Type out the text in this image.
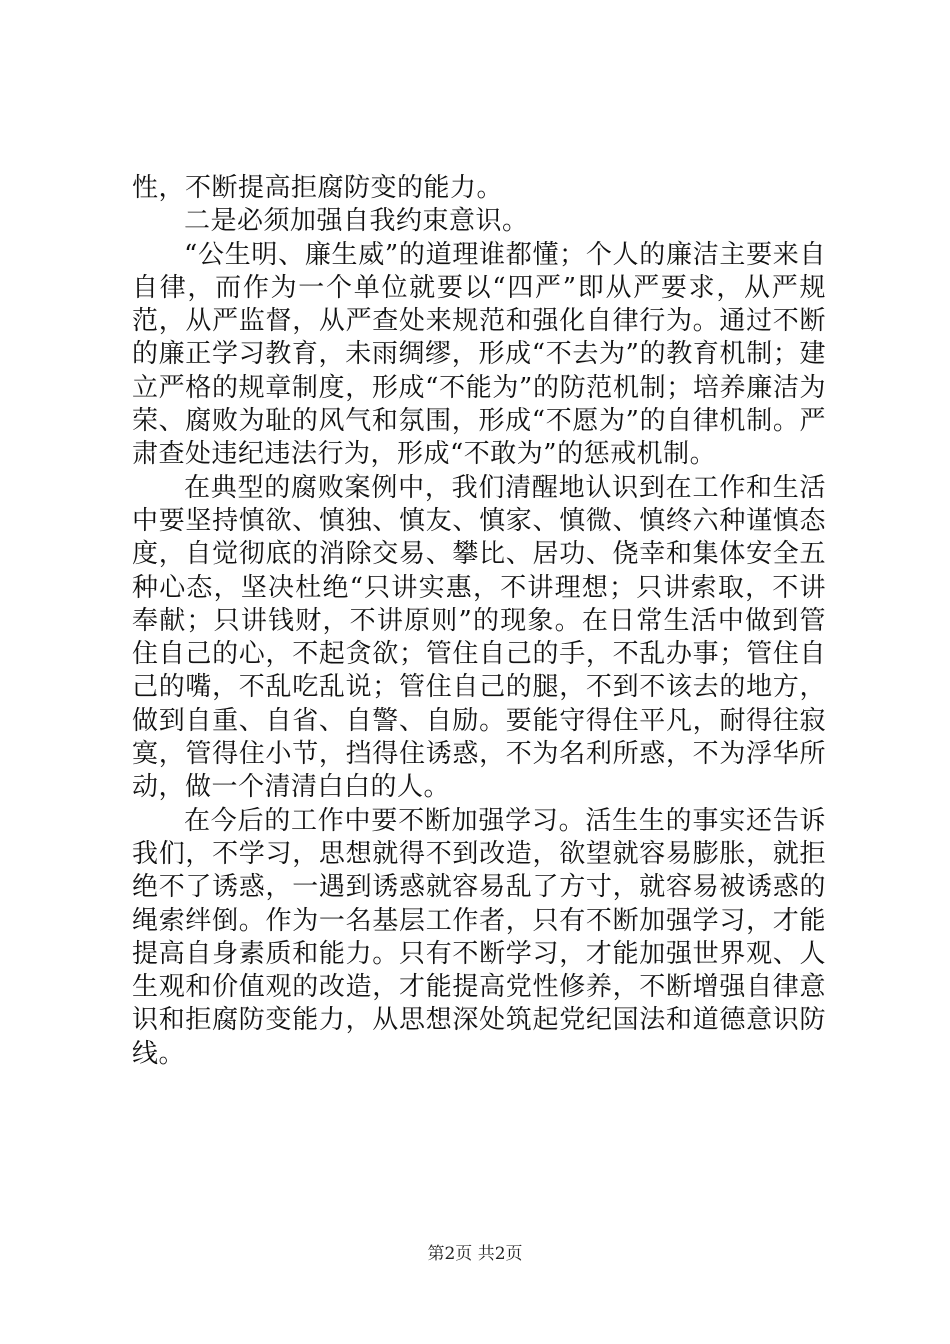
性，不断提高拒腐防变的能力。

二是必须加强自我约束意识。

“公生明、廉生威”的道理谁都懂；个人的廉洁主要来自自律，而作为一个单位就要以“四严”即从严要求，从严规范，从严监督，从严查处来规范和强化自律行为。通过不断的廉正学习教育，未雨绸缪，形成“不去为”的教育机制；建立严格的规章制度，形成“不能为”的防范机制；培养廉洁为荣、腐败为耻的风气和氛围，形成“不愿为”的自律机制。严肃查处违纪违法行为，形成“不敢为”的惩戒机制。

在典型的腐败案例中，我们清醒地认识到在工作和生活中要坚持慎欲、慎独、慎友、慎家、慎微、慎终六种谨慎态度，自觉彻底的消除交易、攀比、居功、侥幸和集体安全五种心态，坚决杜绝“只讲实惠，不讲理想；只讲索取，不讲奉献；只讲钱财，不讲原则”的现象。在日常生活中做到管住自己的心，不起贪欲；管住自己的手，不乱办事；管住自己的嘴，不乱吃乱说；管住自己的腿，不到不该去的地方，做到自重、自省、自警、自励。要能守得住平凡，耐得往寂寞，管得住小节，挡得住诱惑，不为名利所惑，不为浮华所动，做一个清清白白的人。

在今后的工作中要不断加强学习。活生生的事实还告诉我们，不学习，思想就得不到改造，欲望就容易膨胀，就拒绝不了诱惑，一遇到诱惑就容易乱了方寸，就容易被诱惑的绳索绊倒。作为一名基层工作者，只有不断加强学习，才能提高自身素质和能力。只有不断学习，才能加强世界观、人生观和价值观的改造，才能提高党性修养，不断增强自律意识和拒腐防变能力，从思想深处筑起党纪国法和道德意识防线。

第2页 共2页
